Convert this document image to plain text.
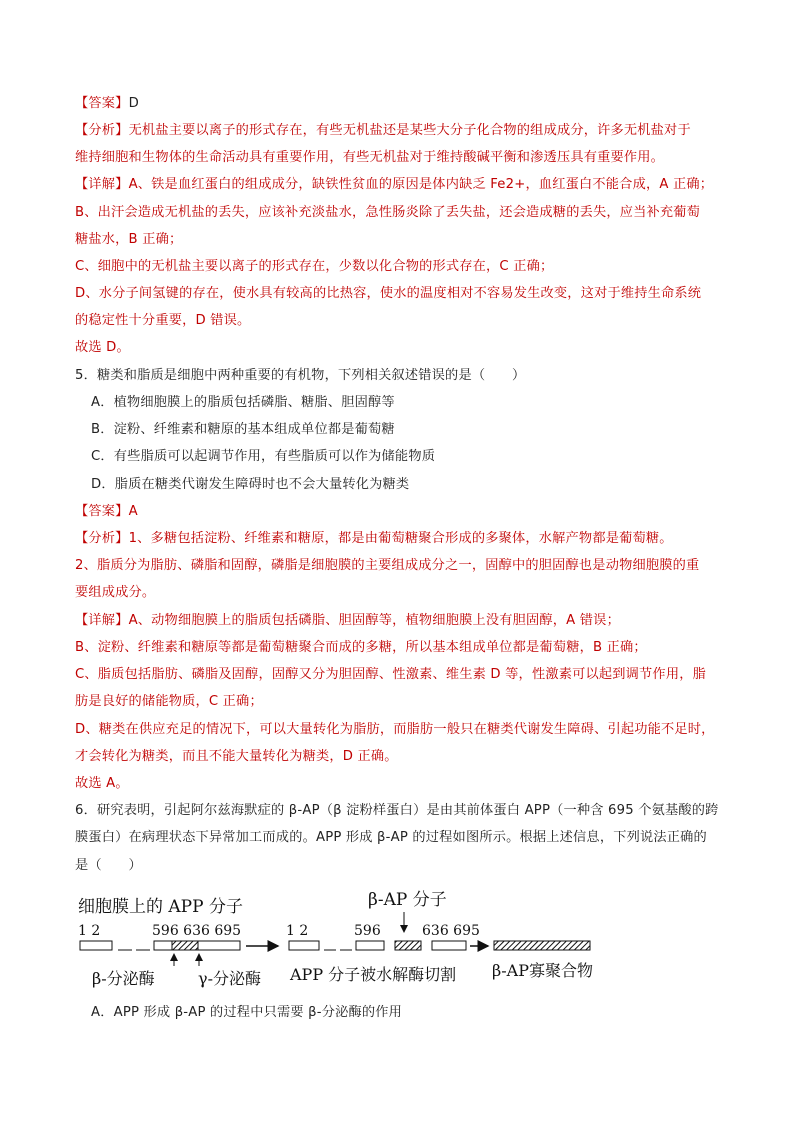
【答案】D
【分析】无机盐主要以离子的形式存在，有些无机盐还是某些大分子化合物的组成成分，许多无机盐对于
维持细胞和生物体的生命活动具有重要作用，有些无机盐对于维持酸碱平衡和渗透压具有重要作用。
【详解】A、铁是血红蛋白的组成成分，缺铁性贫血的原因是体内缺乏 Fe2+，血红蛋白不能合成，A 正确；
B、出汗会造成无机盐的丢失，应该补充淡盐水，急性肠炎除了丢失盐，还会造成糖的丢失，应当补充葡萄
糖盐水，B 正确；
C、细胞中的无机盐主要以离子的形式存在，少数以化合物的形式存在，C 正确；
D、水分子间氢键的存在，使水具有较高的比热容，使水的温度相对不容易发生改变，这对于维持生命系统
的稳定性十分重要，D 错误。
故选 D。
5．糖类和脂质是细胞中两种重要的有机物，下列相关叙述错误的是（　　）
A．植物细胞膜上的脂质包括磷脂、糖脂、胆固醇等
B．淀粉、纤维素和糖原的基本组成单位都是葡萄糖
C．有些脂质可以起调节作用，有些脂质可以作为储能物质
D．脂质在糖类代谢发生障碍时也不会大量转化为糖类
【答案】A
【分析】1、多糖包括淀粉、纤维素和糖原，都是由葡萄糖聚合形成的多聚体，水解产物都是葡萄糖。
2、脂质分为脂肪、磷脂和固醇，磷脂是细胞膜的主要组成成分之一，固醇中的胆固醇也是动物细胞膜的重
要组成成分。
【详解】A、动物细胞膜上的脂质包括磷脂、胆固醇等，植物细胞膜上没有胆固醇，A 错误；
B、淀粉、纤维素和糖原等都是葡萄糖聚合而成的多糖，所以基本组成单位都是葡萄糖，B 正确；
C、脂质包括脂肪、磷脂及固醇，固醇又分为胆固醇、性激素、维生素 D 等，性激素可以起到调节作用，脂
肪是良好的储能物质，C 正确；
D、糖类在供应充足的情况下，可以大量转化为脂肪，而脂肪一般只在糖类代谢发生障碍、引起功能不足时，
才会转化为糖类，而且不能大量转化为糖类，D 正确。
故选 A。
6．研究表明，引起阿尔兹海默症的 β-AP（β 淀粉样蛋白）是由其前体蛋白 APP（一种含 695 个氨基酸的跨
膜蛋白）在病理状态下异常加工而成的。APP 形成 β-AP 的过程如图所示。根据上述信息，下列说法正确的
是（　　）
细胞膜上的 APP 分子
1 2	596 636 695
β-分泌酶	γ-分泌酶
β-AP 分子
1 2	596	636 695
APP 分子被水解酶切割 β-AP寡聚合物
A．APP 形成 β-AP 的过程中只需要 β-分泌酶的作用
